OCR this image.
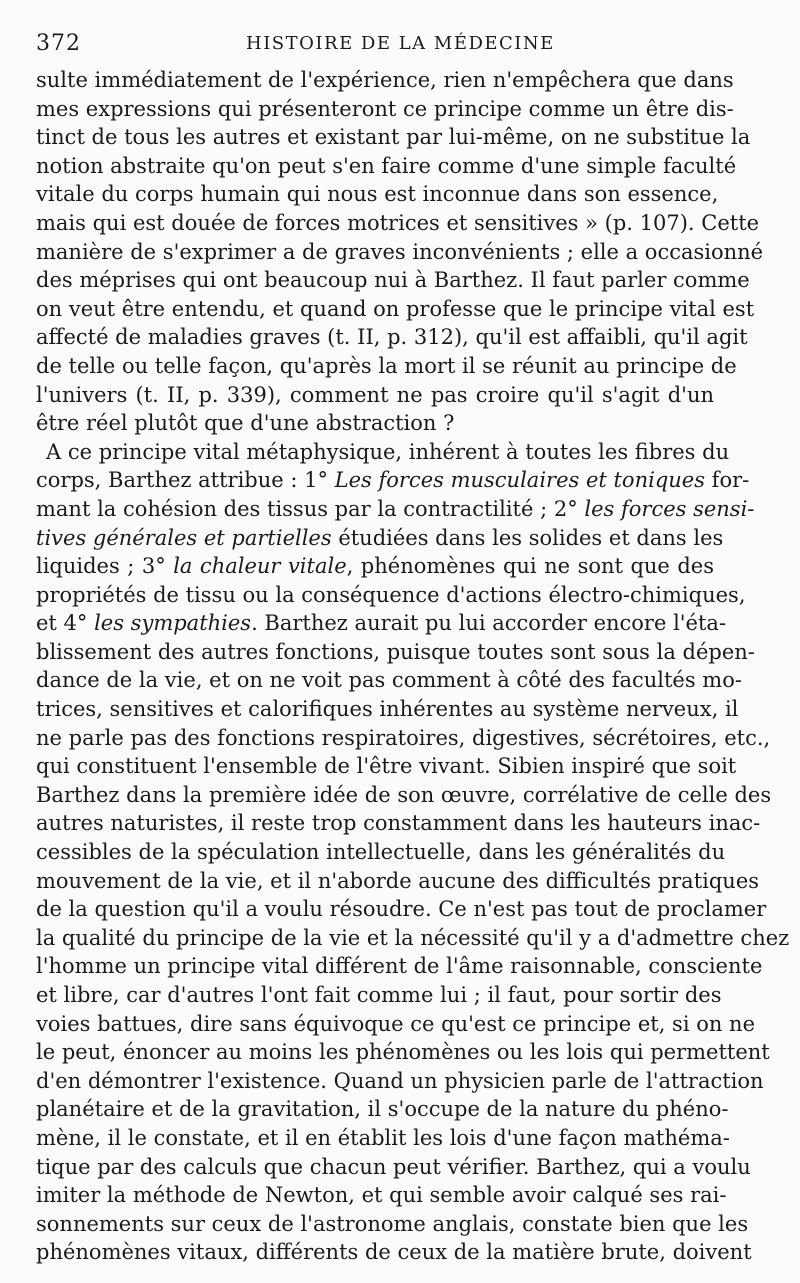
372	HISTOIRE DE LA MÉDECINE
sulte immédiatement de l'expérience, rien n'empêchera que dans
mes expressions qui présenteront ce principe comme un être dis-
tinct de tous les autres et existant par lui-même, on ne substitue la
notion abstraite qu'on peut s'en faire comme d'une simple faculté
vitale du corps humain qui nous est inconnue dans son essence,
mais qui est douée de forces motrices et sensitives » (p. 107). Cette
manière de s'exprimer a de graves inconvénients ; elle a occasionné
des méprises qui ont beaucoup nui à Barthez. Il faut parler comme
on veut être entendu, et quand on professe que le principe vital est
affecté de maladies graves (t. II, p. 312), qu'il est affaibli, qu'il agit
de telle ou telle façon, qu'après la mort il se réunit au principe de
l'univers (t. II, p. 339), comment ne pas croire qu'il s'agit d'un
être réel plutôt que d'une abstraction ?
A ce principe vital métaphysique, inhérent à toutes les fibres du
corps, Barthez attribue : 1° Les forces musculaires et toniques for-
mant la cohésion des tissus par la contractilité ; 2° les forces sensi-
tives générales et partielles étudiées dans les solides et dans les
liquides ; 3° la chaleur vitale, phénomènes qui ne sont que des
propriétés de tissu ou la conséquence d'actions électro-chimiques,
et 4° les sympathies. Barthez aurait pu lui accorder encore l'éta-
blissement des autres fonctions, puisque toutes sont sous la dépen-
dance de la vie, et on ne voit pas comment à côté des facultés mo-
trices, sensitives et calorifiques inhérentes au système nerveux, il
ne parle pas des fonctions respiratoires, digestives, sécrétoires, etc.,
qui constituent l'ensemble de l'être vivant. Sibien inspiré que soit
Barthez dans la première idée de son œuvre, corrélative de celle des
autres naturistes, il reste trop constamment dans les hauteurs inac-
cessibles de la spéculation intellectuelle, dans les généralités du
mouvement de la vie, et il n'aborde aucune des difficultés pratiques
de la question qu'il a voulu résoudre. Ce n'est pas tout de proclamer
la qualité du principe de la vie et la nécessité qu'il y a d'admettre chez
l'homme un principe vital différent de l'âme raisonnable, consciente
et libre, car d'autres l'ont fait comme lui ; il faut, pour sortir des
voies battues, dire sans équivoque ce qu'est ce principe et, si on ne
le peut, énoncer au moins les phénomènes ou les lois qui permettent
d'en démontrer l'existence. Quand un physicien parle de l'attraction
planétaire et de la gravitation, il s'occupe de la nature du phéno-
mène, il le constate, et il en établit les lois d'une façon mathéma-
tique par des calculs que chacun peut vérifier. Barthez, qui a voulu
imiter la méthode de Newton, et qui semble avoir calqué ses rai-
sonnements sur ceux de l'astronome anglais, constate bien que les
phénomènes vitaux, différents de ceux de la matière brute, doivent
